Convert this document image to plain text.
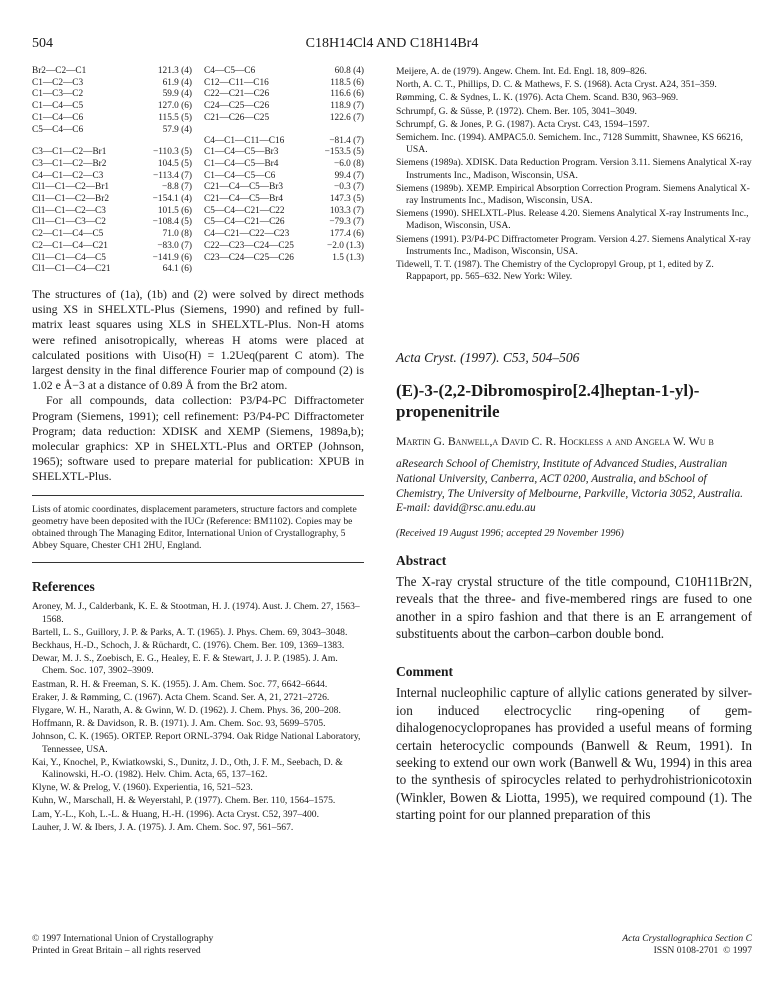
504	C18H14Cl4 AND C18H14Br4
Br2—C2—C1	121.3 (4)
C1—C2—C3	61.9 (4)
C1—C3—C2	59.9 (4)
C1—C4—C5	127.0 (6)
C1—C4—C6	115.5 (5)
C5—C4—C6	57.9 (4)
C3—C1—C2—Br1	−110.3 (5)
C3—C1—C2—Br2	104.5 (5)
C4—C1—C2—C3	−113.4 (7)
Cl1—C1—C2—Br1	−8.8 (7)
Cl1—C1—C2—Br2	−154.1 (4)
Cl1—C1—C2—C3	101.5 (6)
Cl1—C1—C3—C2	−108.4 (5)
C2—C1—C4—C5	71.0 (8)
C2—C1—C4—C21	−83.0 (7)
Cl1—C1—C4—C5	−141.9 (6)
Cl1—C1—C4—C21	64.1 (6)
C4—C5—C6	60.8 (4)
C12—C11—C16	118.5 (6)
C22—C21—C26	116.6 (6)
C24—C25—C26	118.9 (7)
C21—C26—C25	122.6 (7)
C4—C1—C11—C16	−81.4 (7)
C1—C4—C5—Br3	−153.5 (5)
C1—C4—C5—Br4	−6.0 (8)
C1—C4—C5—C6	99.4 (7)
C21—C4—C5—Br3	−0.3 (7)
C21—C4—C5—Br4	147.3 (5)
C5—C4—C21—C22	103.3 (7)
C5—C4—C21—C26	−79.3 (7)
C4—C21—C22—C23	177.4 (6)
C22—C23—C24—C25	−2.0 (1.3)
C23—C24—C25—C26	1.5 (1.3)

The structures of (1a), (1b) and (2) were solved by direct methods using XS in SHELXTL-Plus (Siemens, 1990) and refined by full-matrix least squares using XLS in SHELXTL-Plus. Non-H atoms were refined anisotropically, whereas H atoms were placed at calculated positions with Uiso(H) = 1.2Ueq(parent C atom). The largest density in the final difference Fourier map of compound (2) is 1.02 e Å−3 at a distance of 0.89 Å from the Br2 atom.

For all compounds, data collection: P3/P4-PC Diffractometer Program (Siemens, 1991); cell refinement: P3/P4-PC Diffractometer Program; data reduction: XDISK and XEMP (Siemens, 1989a,b); molecular graphics: XP in SHELXTL-Plus and ORTEP (Johnson, 1965); software used to prepare material for publication: XPUB in SHELXTL-Plus.

Lists of atomic coordinates, displacement parameters, structure factors and complete geometry have been deposited with the IUCr (Reference: BM1102). Copies may be obtained through The Managing Editor, International Union of Crystallography, 5 Abbey Square, Chester CH1 2HU, England.

References

Aroney, M. J., Calderbank, K. E. & Stootman, H. J. (1974). Aust. J. Chem. 27, 1563–1568.

Bartell, L. S., Guillory, J. P. & Parks, A. T. (1965). J. Phys. Chem. 69, 3043–3048.

Beckhaus, H.-D., Schoch, J. & Rüchardt, C. (1976). Chem. Ber. 109, 1369–1383.

Dewar, M. J. S., Zoebisch, E. G., Healey, E. F. & Stewart, J. J. P. (1985). J. Am. Chem. Soc. 107, 3902–3909.

Eastman, R. H. & Freeman, S. K. (1955). J. Am. Chem. Soc. 77, 6642–6644.

Eraker, J. & Rømming, C. (1967). Acta Chem. Scand. Ser. A, 21, 2721–2726.

Flygare, W. H., Narath, A. & Gwinn, W. D. (1962). J. Chem. Phys. 36, 200–208.

Hoffmann, R. & Davidson, R. B. (1971). J. Am. Chem. Soc. 93, 5699–5705.

Johnson, C. K. (1965). ORTEP. Report ORNL-3794. Oak Ridge National Laboratory, Tennessee, USA.

Kai, Y., Knochel, P., Kwiatkowski, S., Dunitz, J. D., Oth, J. F. M., Seebach, D. & Kalinowski, H.-O. (1982). Helv. Chim. Acta, 65, 137–162.

Klyne, W. & Prelog, V. (1960). Experientia, 16, 521–523.

Kuhn, W., Marschall, H. & Weyerstahl, P. (1977). Chem. Ber. 110, 1564–1575.

Lam, Y.-L., Koh, L.-L. & Huang, H.-H. (1996). Acta Cryst. C52, 397–400.

Lauher, J. W. & Ibers, J. A. (1975). J. Am. Chem. Soc. 97, 561–567.

Meijere, A. de (1979). Angew. Chem. Int. Ed. Engl. 18, 809–826.

North, A. C. T., Phillips, D. C. & Mathews, F. S. (1968). Acta Cryst. A24, 351–359.

Rømming, C. & Sydnes, L. K. (1976). Acta Chem. Scand. B30, 963–969.

Schrumpf, G. & Süsse, P. (1972). Chem. Ber. 105, 3041–3049.

Schrumpf, G. & Jones, P. G. (1987). Acta Cryst. C43, 1594–1597.

Semichem. Inc. (1994). AMPAC5.0. Semichem. Inc., 7128 Summitt, Shawnee, KS 66216, USA.

Siemens (1989a). XDISK. Data Reduction Program. Version 3.11. Siemens Analytical X-ray Instruments Inc., Madison, Wisconsin, USA.

Siemens (1989b). XEMP. Empirical Absorption Correction Program. Siemens Analytical X-ray Instruments Inc., Madison, Wisconsin, USA.

Siemens (1990). SHELXTL-Plus. Release 4.20. Siemens Analytical X-ray Instruments Inc., Madison, Wisconsin, USA.

Siemens (1991). P3/P4-PC Diffractometer Program. Version 4.27. Siemens Analytical X-ray Instruments Inc., Madison, Wisconsin, USA.

Tidewell, T. T. (1987). The Chemistry of the Cyclopropyl Group, pt 1, edited by Z. Rappaport, pp. 565–632. New York: Wiley.

Acta Cryst. (1997). C53, 504–506

(E)-3-(2,2-Dibromospiro[2.4]heptan-1-yl)-propenenitrile

Martin G. Banwell,a David C. R. Hockless a and Angela W. Wu b

aResearch School of Chemistry, Institute of Advanced Studies, Australian National University, Canberra, ACT 0200, Australia, and bSchool of Chemistry, The University of Melbourne, Parkville, Victoria 3052, Australia. E-mail: david@rsc.anu.edu.au

(Received 19 August 1996; accepted 29 November 1996)

Abstract

The X-ray crystal structure of the title compound, C10H11Br2N, reveals that the three- and five-membered rings are fused to one another in a spiro fashion and that there is an E arrangement of substituents about the carbon–carbon double bond.

Comment

Internal nucleophilic capture of allylic cations generated by silver-ion induced electrocyclic ring-opening of gem-dihalogenocyclopropanes has provided a useful means of forming certain heterocyclic compounds (Banwell & Reum, 1991). In seeking to extend our own work (Banwell & Wu, 1994) in this area to the synthesis of spirocycles related to perhydrohistrionicotoxin (Winkler, Bowen & Liotta, 1995), we required compound (1). The starting point for our planned preparation of this

© 1997 International Union of Crystallography
Printed in Great Britain – all rights reserved
Acta Crystallographica Section C
ISSN 0108-2701 © 1997
